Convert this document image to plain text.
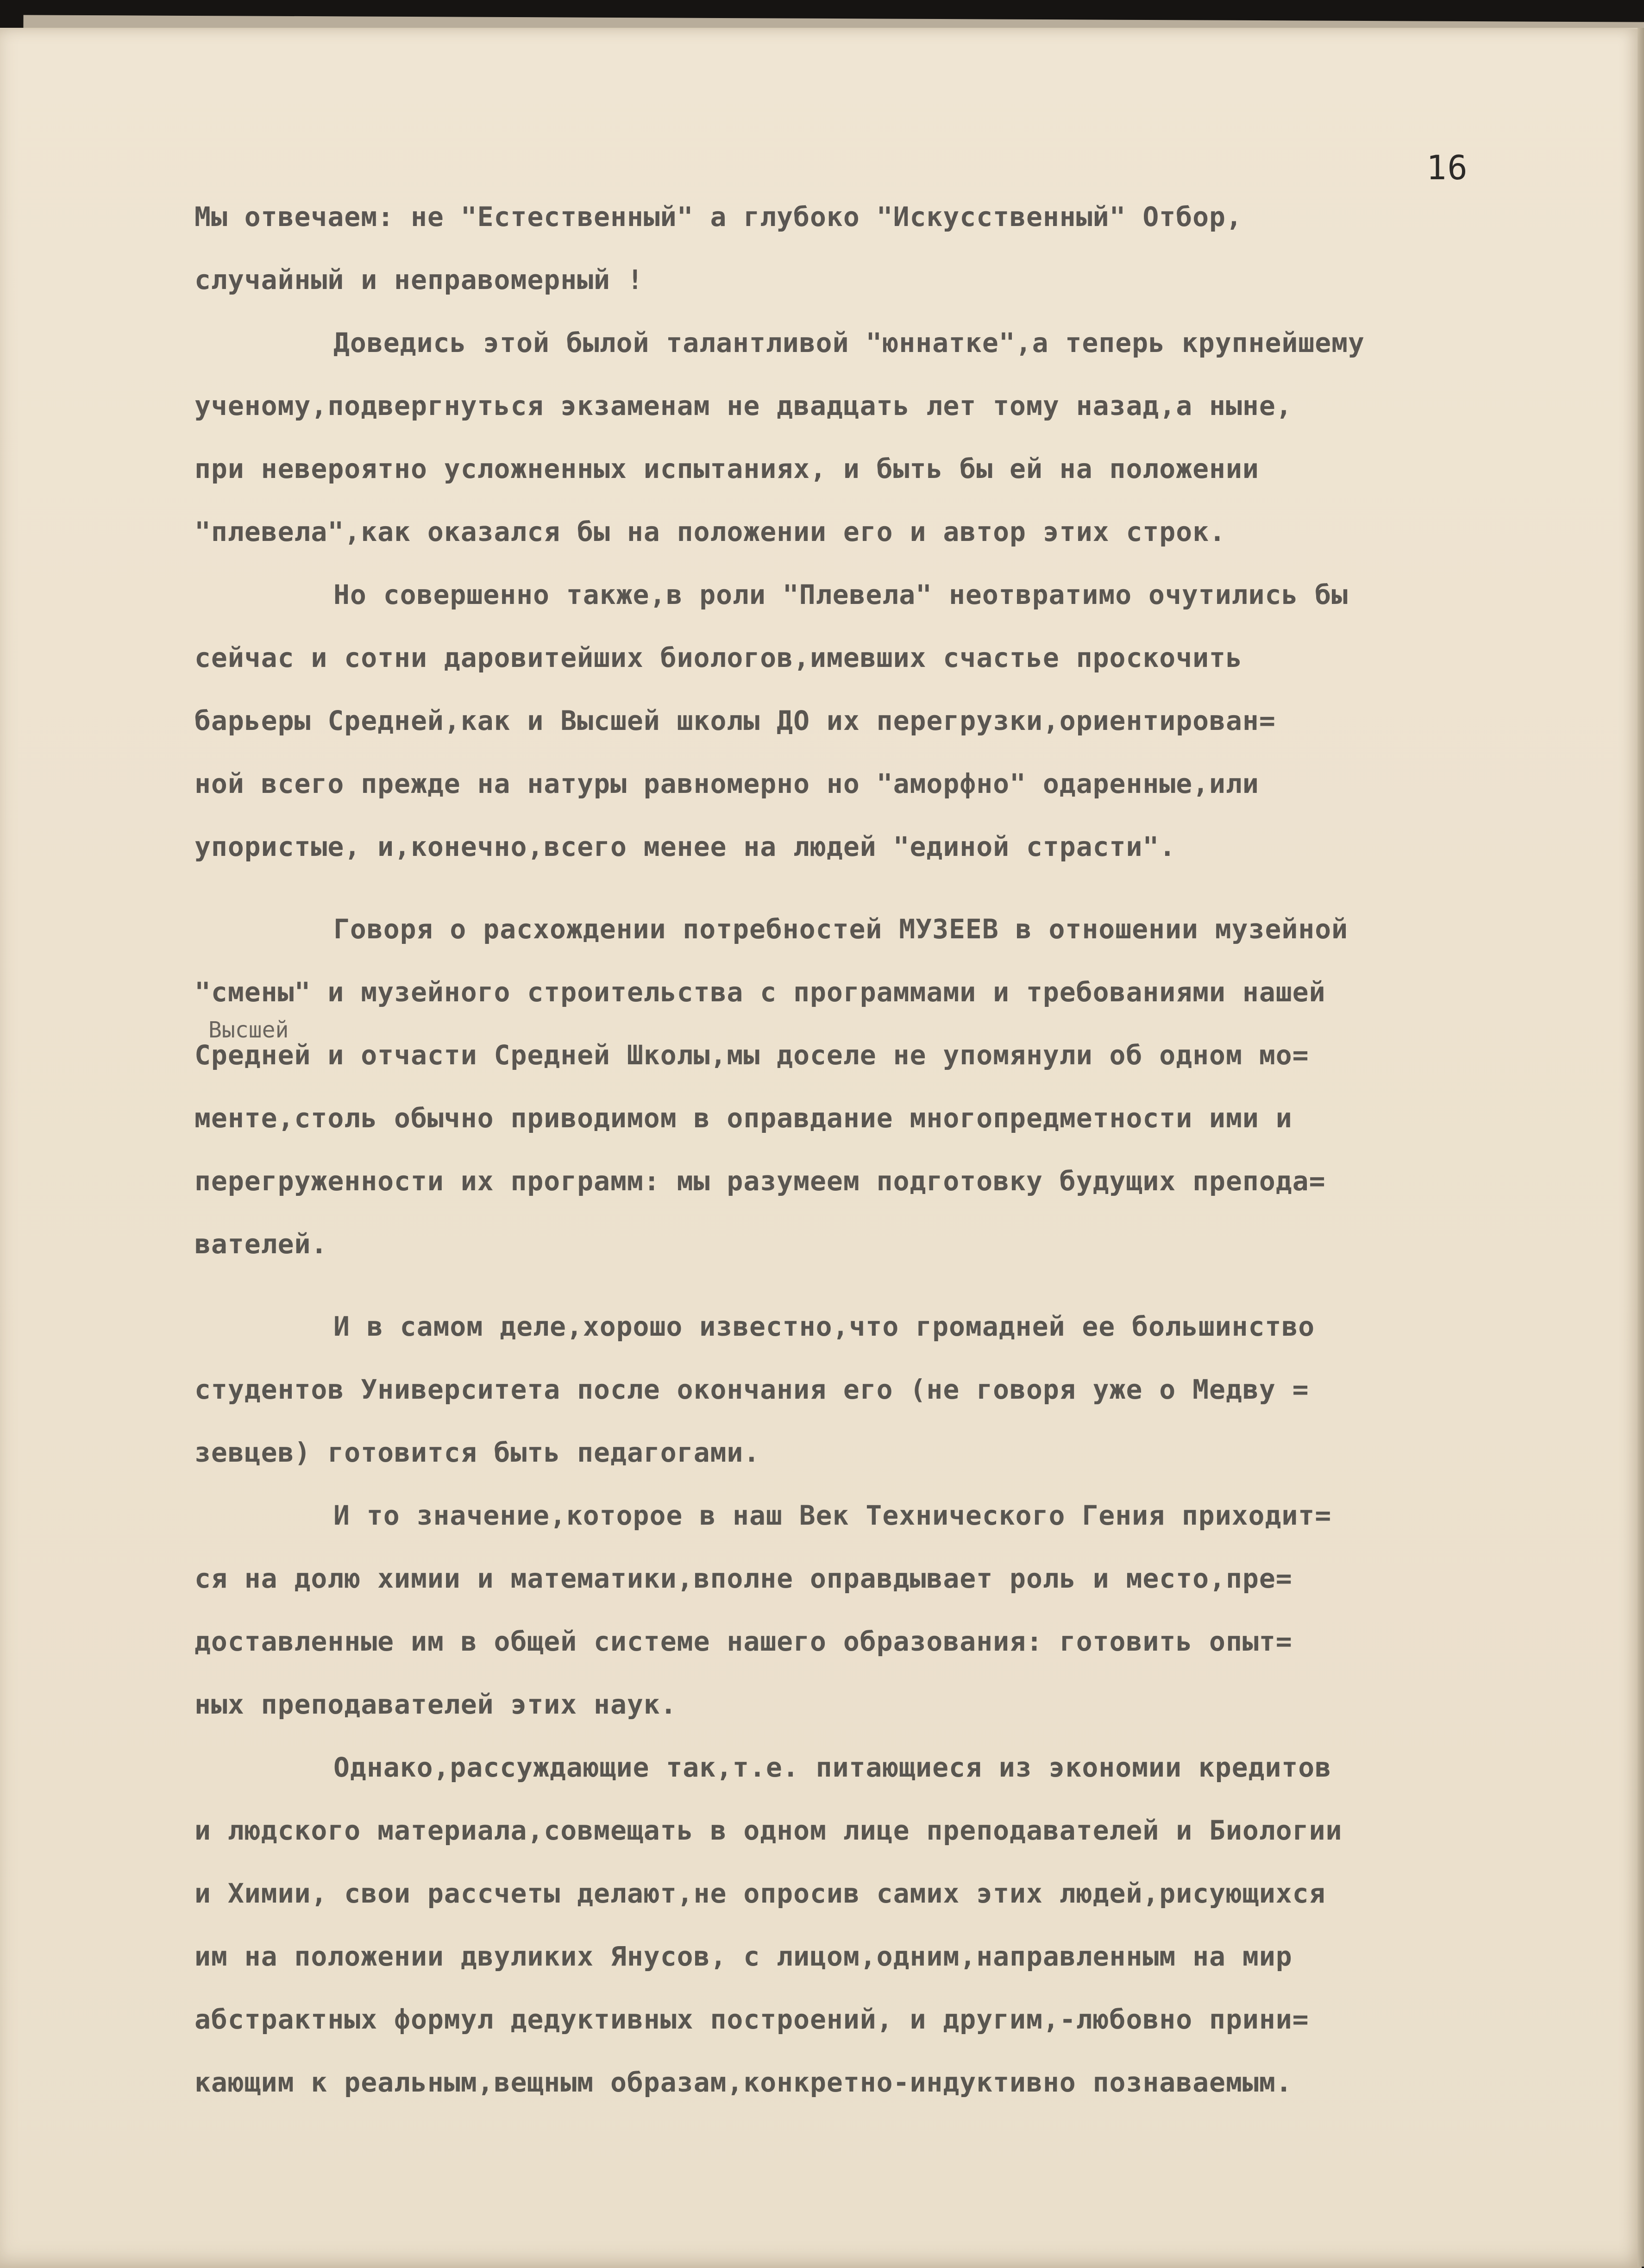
16
Высшей
Мы отвечаем: не "Естественный" а глубоко "Искусственный" Отбор,
случайный и неправомерный !
Доведись этой былой талантливой "юннатке",а теперь крупнейшему
ученому,подвергнуться экзаменам не двадцать лет тому назад,а ныне,
при невероятно усложненных испытаниях, и быть бы ей на положении
"плевела",как оказался бы на положении его и автор этих строк.
Но совершенно также,в роли "Плевела" неотвратимо очутились бы
сейчас и сотни даровитейших биологов,имевших счастье проскочить
барьеры Средней,как и Высшей школы ДО их перегрузки,ориентирован=
ной всего прежде на натуры равномерно но "аморфно" одаренные,или
упористые, и,конечно,всего менее на людей "единой страсти".
Говоря о расхождении потребностей МУЗЕЕВ в отношении музейной
"смены" и музейного строительства с программами и требованиями нашей
Средней и отчасти Средней Школы,мы доселе не упомянули об одном мо=
менте,столь обычно приводимом в оправдание многопредметности ими и
перегруженности их программ: мы разумеем подготовку будущих препода=
вателей.
И в самом деле,хорошо известно,что громадней ее большинство
студентов Университета после окончания его (не говоря уже о Медву =
зевцев) готовится быть педагогами.
И то значение,которое в наш Век Технического Гения приходит=
ся на долю химии и математики,вполне оправдывает роль и место,пре=
доставленные им в общей системе нашего образования: готовить опыт=
ных преподавателей этих наук.
Однако,рассуждающие так,т.е. питающиеся из экономии кредитов
и людского материала,совмещать в одном лице преподавателей и Биологии
и Химии, свои рассчеты делают,не опросив самих этих людей,рисующихся
им на положении двуликих Янусов, с лицом,одним,направленным на мир
абстрактных формул дедуктивных построений, и другим,-любовно прини=
кающим к реальным,вещным образам,конкретно-индуктивно познаваемым.
